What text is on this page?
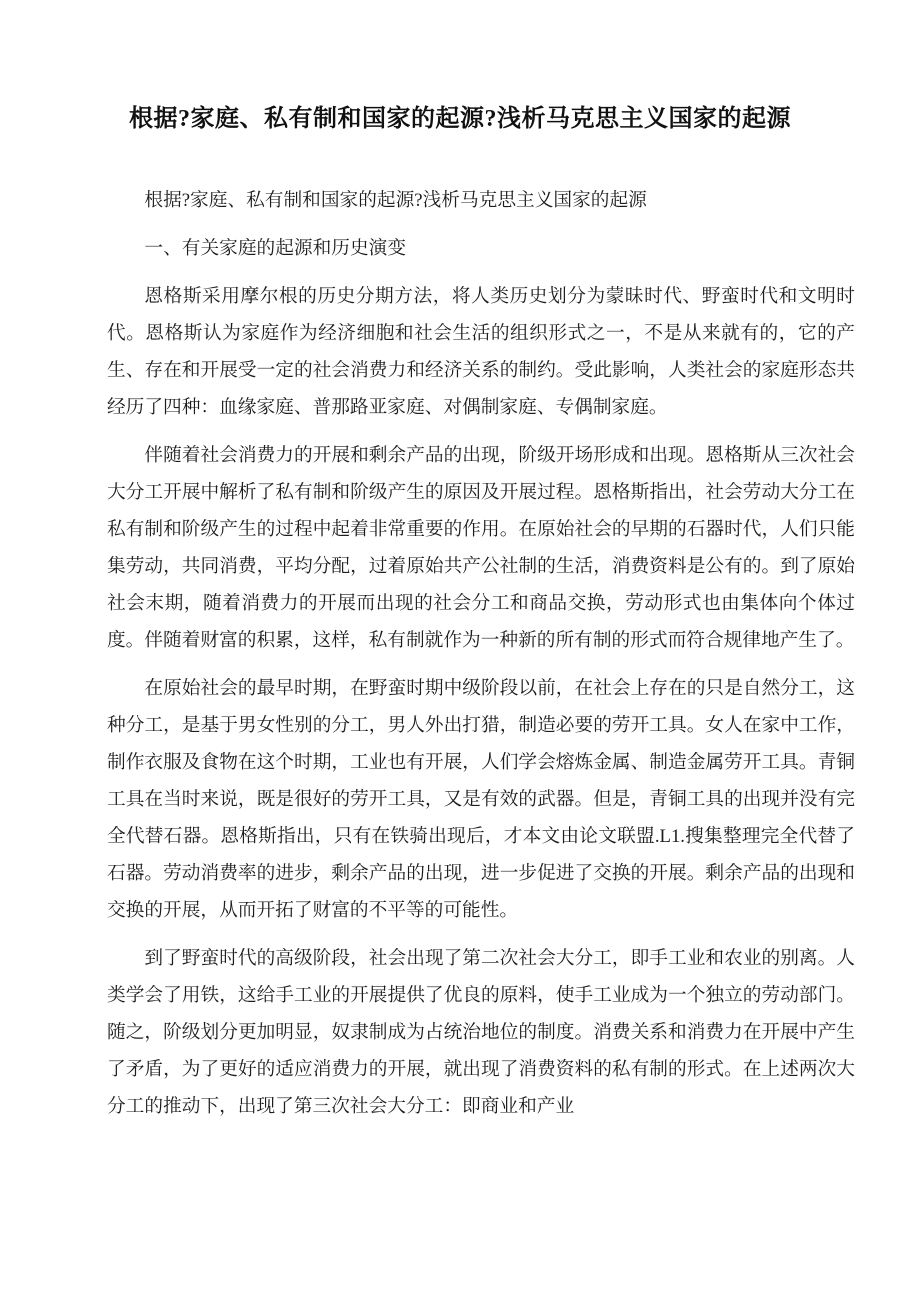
根据?家庭、私有制和国家的起源?浅析马克思主义国家的起源

根据?家庭、私有制和国家的起源?浅析马克思主义国家的起源

一、有关家庭的起源和历史演变

恩格斯采用摩尔根的历史分期方法，将人类历史划分为蒙昧时代、野蛮时代和文明时代。恩格斯认为家庭作为经济细胞和社会生活的组织形式之一，不是从来就有的，它的产生、存在和开展受一定的社会消费力和经济关系的制约。受此影响，人类社会的家庭形态共经历了四种：血缘家庭、普那路亚家庭、对偶制家庭、专偶制家庭。

伴随着社会消费力的开展和剩余产品的出现，阶级开场形成和出现。恩格斯从三次社会大分工开展中解析了私有制和阶级产生的原因及开展过程。恩格斯指出，社会劳动大分工在私有制和阶级产生的过程中起着非常重要的作用。在原始社会的早期的石器时代，人们只能集劳动，共同消费，平均分配，过着原始共产公社制的生活，消费资料是公有的。到了原始社会末期，随着消费力的开展而出现的社会分工和商品交换，劳动形式也由集体向个体过度。伴随着财富的积累，这样，私有制就作为一种新的所有制的形式而符合规律地产生了。

在原始社会的最早时期，在野蛮时期中级阶段以前，在社会上存在的只是自然分工，这种分工，是基于男女性别的分工，男人外出打猎，制造必要的劳开工具。女人在家中工作，制作衣服及食物在这个时期，工业也有开展，人们学会熔炼金属、制造金属劳开工具。青铜工具在当时来说，既是很好的劳开工具，又是有效的武器。但是，青铜工具的出现并没有完全代替石器。恩格斯指出，只有在铁骑出现后，才本文由论文联盟.L1.搜集整理完全代替了石器。劳动消费率的进步，剩余产品的出现，进一步促进了交换的开展。剩余产品的出现和交换的开展，从而开拓了财富的不平等的可能性。

到了野蛮时代的高级阶段，社会出现了第二次社会大分工，即手工业和农业的别离。人类学会了用铁，这给手工业的开展提供了优良的原料，使手工业成为一个独立的劳动部门。随之，阶级划分更加明显，奴隶制成为占统治地位的制度。消费关系和消费力在开展中产生了矛盾，为了更好的适应消费力的开展，就出现了消费资料的私有制的形式。在上述两次大分工的推动下，出现了第三次社会大分工：即商业和产业
